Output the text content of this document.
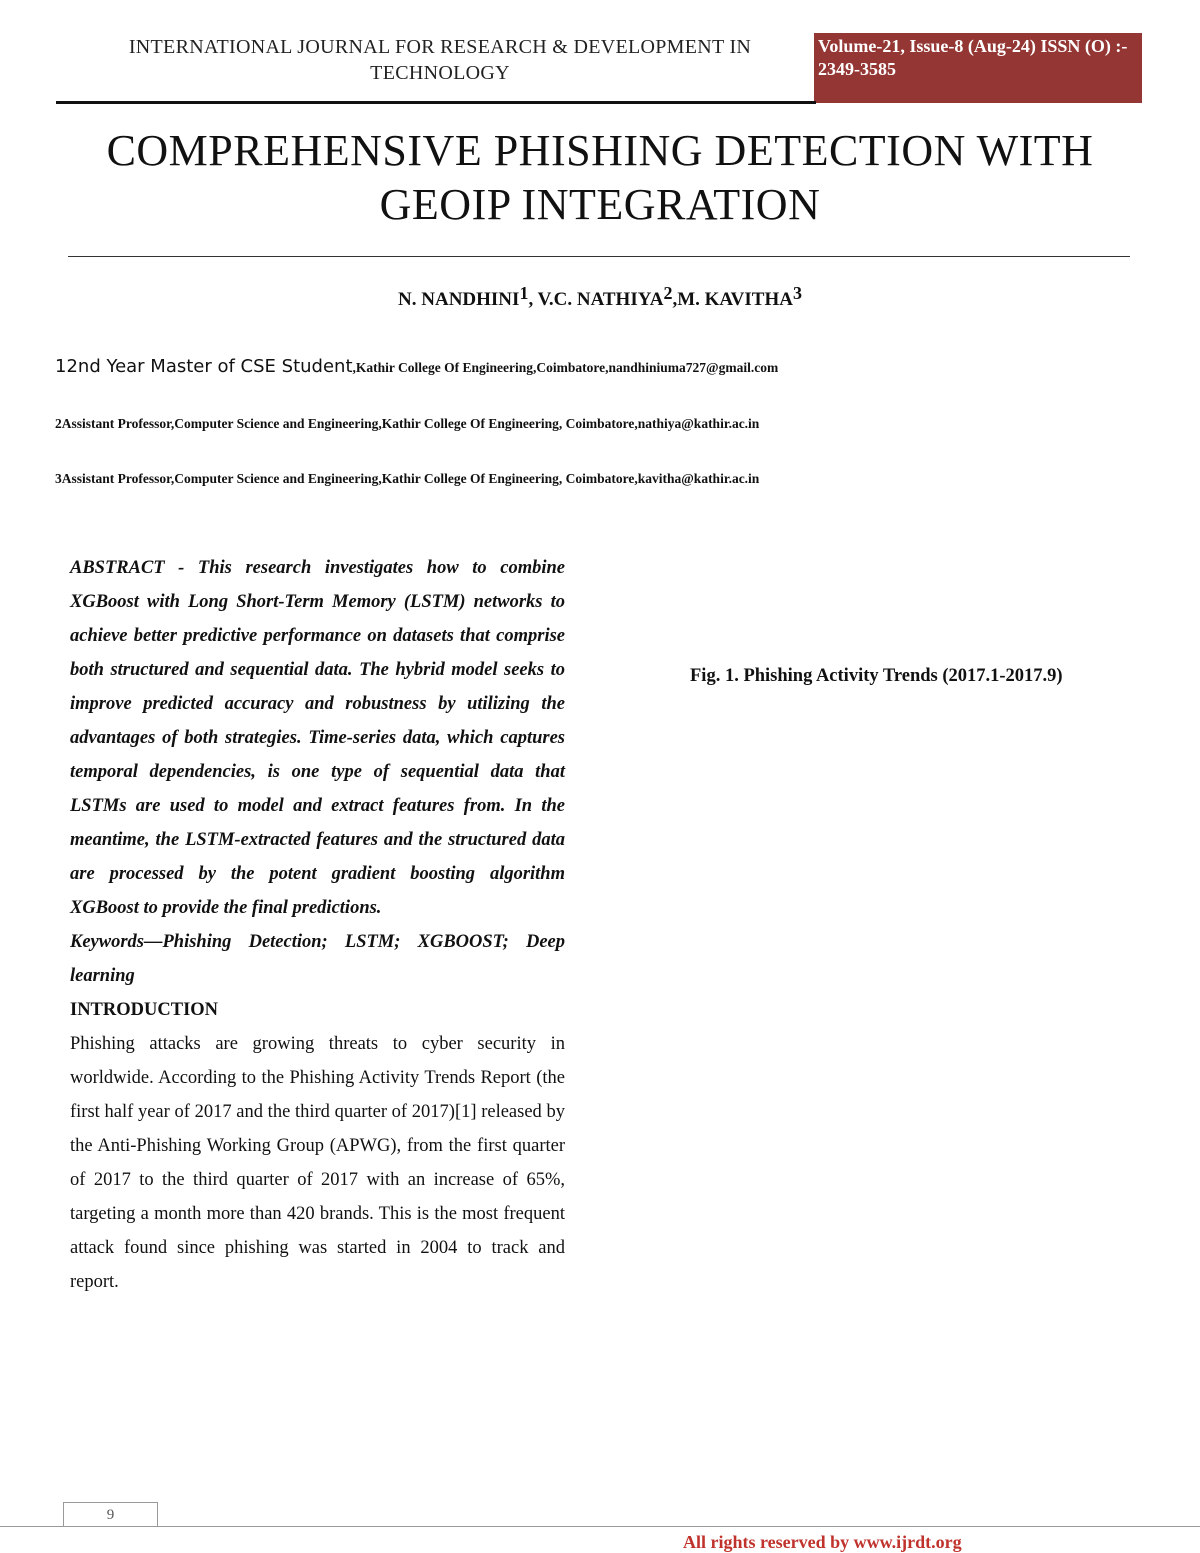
INTERNATIONAL JOURNAL FOR RESEARCH & DEVELOPMENT IN TECHNOLOGY
Volume-21, Issue-8 (Aug-24) ISSN (O) :- 2349-3585
COMPREHENSIVE PHISHING DETECTION WITH GEOIP INTEGRATION
N. NANDHINI$^1$, V.C. NATHIYA$^2$,M. KAVITHA$^3$
12nd Year Master of CSE Student,Kathir College Of Engineering,Coimbatore,nandhiniuma727@gmail.com
2Assistant Professor,Computer Science and Engineering,Kathir College Of Engineering, Coimbatore,nathiya@kathir.ac.in
3Assistant Professor,Computer Science and Engineering,Kathir College Of Engineering, Coimbatore,kavitha@kathir.ac.in

ABSTRACT - This research investigates how to combine XGBoost with Long Short-Term Memory (LSTM) networks to achieve better predictive performance on datasets that comprise both structured and sequential data. The hybrid model seeks to improve predicted accuracy and robustness by utilizing the advantages of both strategies. Time-series data, which captures temporal dependencies, is one type of sequential data that LSTMs are used to model and extract features from. In the meantime, the LSTM-extracted features and the structured data are processed by the potent gradient boosting algorithm XGBoost to provide the final predictions.

Keywords—Phishing Detection; LSTM; XGBOOST; Deep learning

INTRODUCTION

Phishing attacks are growing threats to cyber security in worldwide. According to the Phishing Activity Trends Report (the first half year of 2017 and the third quarter of 2017)[1] released by the Anti-Phishing Working Group (APWG), from the first quarter of 2017 to the third quarter of 2017 with an increase of 65%, targeting a month more than 420 brands. This is the most frequent attack found since phishing was started in 2004 to track and report.

Fig. 1. Phishing Activity Trends (2017.1-2017.9)
9
All rights reserved by www.ijrdt.org
